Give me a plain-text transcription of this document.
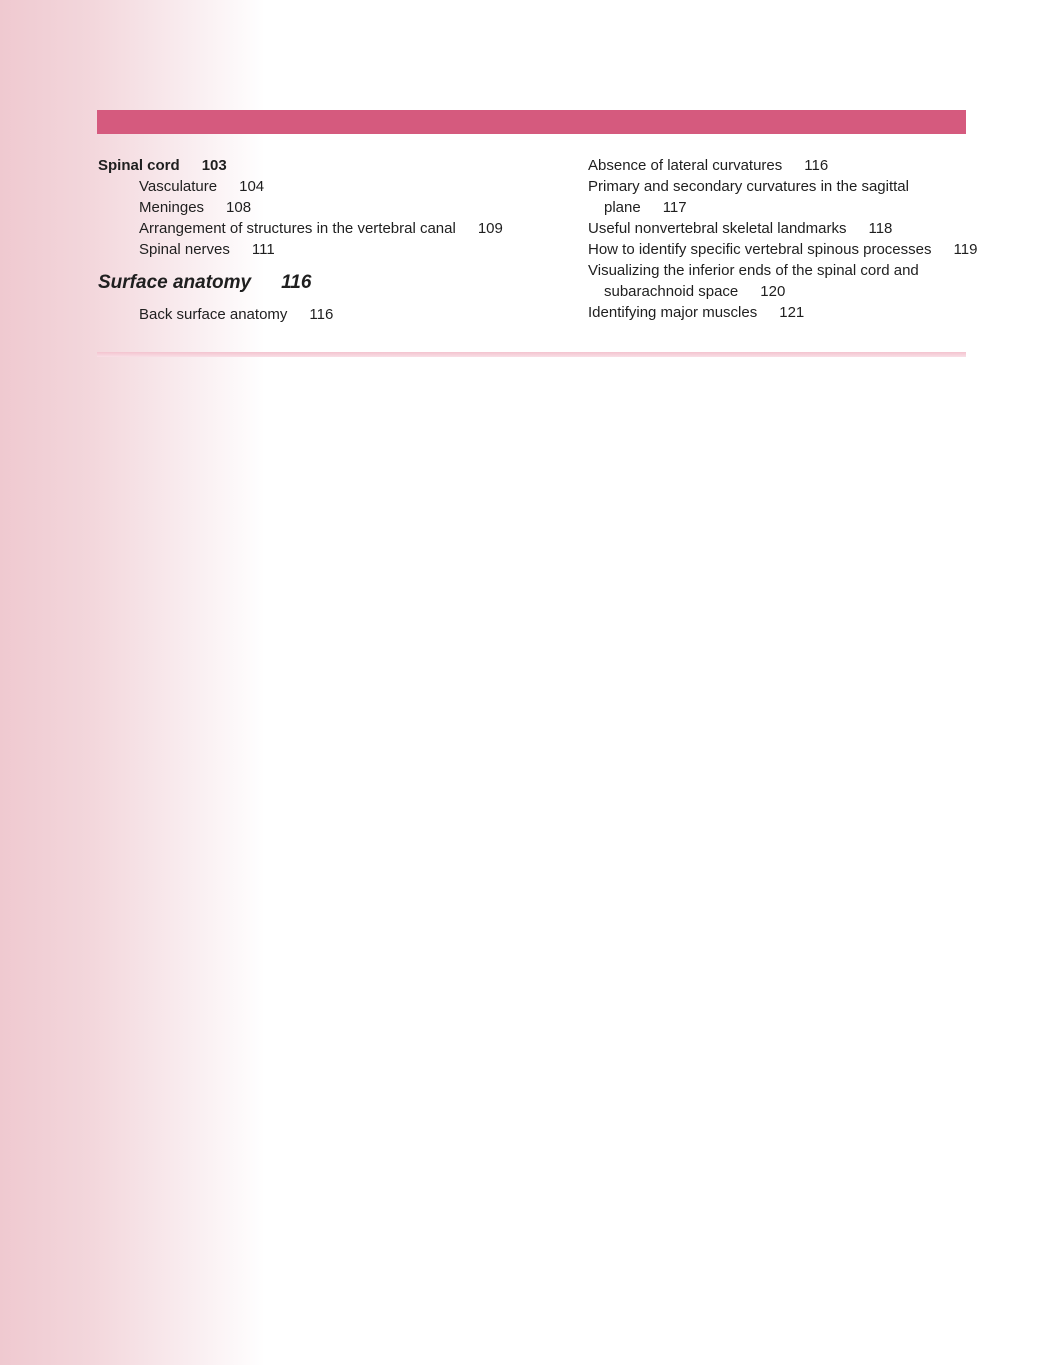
Spinal cord 103
Vasculature 104
Meninges 108
Arrangement of structures in the vertebral canal 109
Spinal nerves 111
Surface anatomy 116
Back surface anatomy 116
Absence of lateral curvatures 116
Primary and secondary curvatures in the sagittal plane 117
Useful nonvertebral skeletal landmarks 118
How to identify specific vertebral spinous processes 119
Visualizing the inferior ends of the spinal cord and subarachnoid space 120
Identifying major muscles 121
